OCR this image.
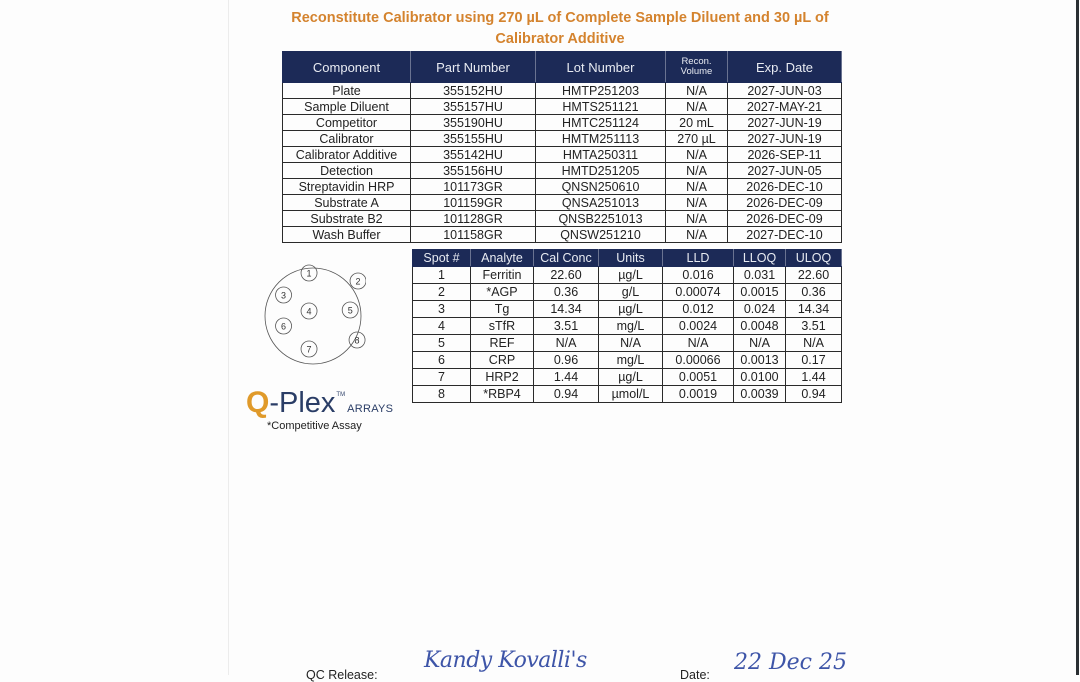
Reconstitute Calibrator using 270 µL of Complete Sample Diluent and 30 µL of
Calibrator Additive
Component	Part Number	Lot Number	Recon. Volume	Exp. Date
Plate	355152HU	HMTP251203	N/A	2027-JUN-03
Sample Diluent	355157HU	HMTS251121	N/A	2027-MAY-21
Competitor	355190HU	HMTC251124	20 mL	2027-JUN-19
Calibrator	355155HU	HMTM251113	270 µL	2027-JUN-19
Calibrator Additive	355142HU	HMTA250311	N/A	2026-SEP-11
Detection	355156HU	HMTD251205	N/A	2027-JUN-05
Streptavidin HRP	101173GR	QNSN250610	N/A	2026-DEC-10
Substrate A	101159GR	QNSA251013	N/A	2026-DEC-09
Substrate B2	101128GR	QNSB2251013	N/A	2026-DEC-09
Wash Buffer	101158GR	QNSW251210	N/A	2027-DEC-10
Spot #	Analyte	Cal Conc	Units	LLD	LLOQ	ULOQ
1	Ferritin	22.60	µg/L	0.016	0.031	22.60
2	*AGP	0.36	g/L	0.00074	0.0015	0.36
3	Tg	14.34	µg/L	0.012	0.024	14.34
4	sTfR	3.51	mg/L	0.0024	0.0048	3.51
5	REF	N/A	N/A	N/A	N/A	N/A
6	CRP	0.96	mg/L	0.00066	0.0013	0.17
7	HRP2	1.44	µg/L	0.0051	0.0100	1.44
8	*RBP4	0.94	µmol/L	0.0019	0.0039	0.94
1
2
3
4	5
6
7
8
Q -Plex TM
ARRAYS
*Competitive Assay
QC Release:
Kandy Kovalli's
Date: 22 Dec 25
